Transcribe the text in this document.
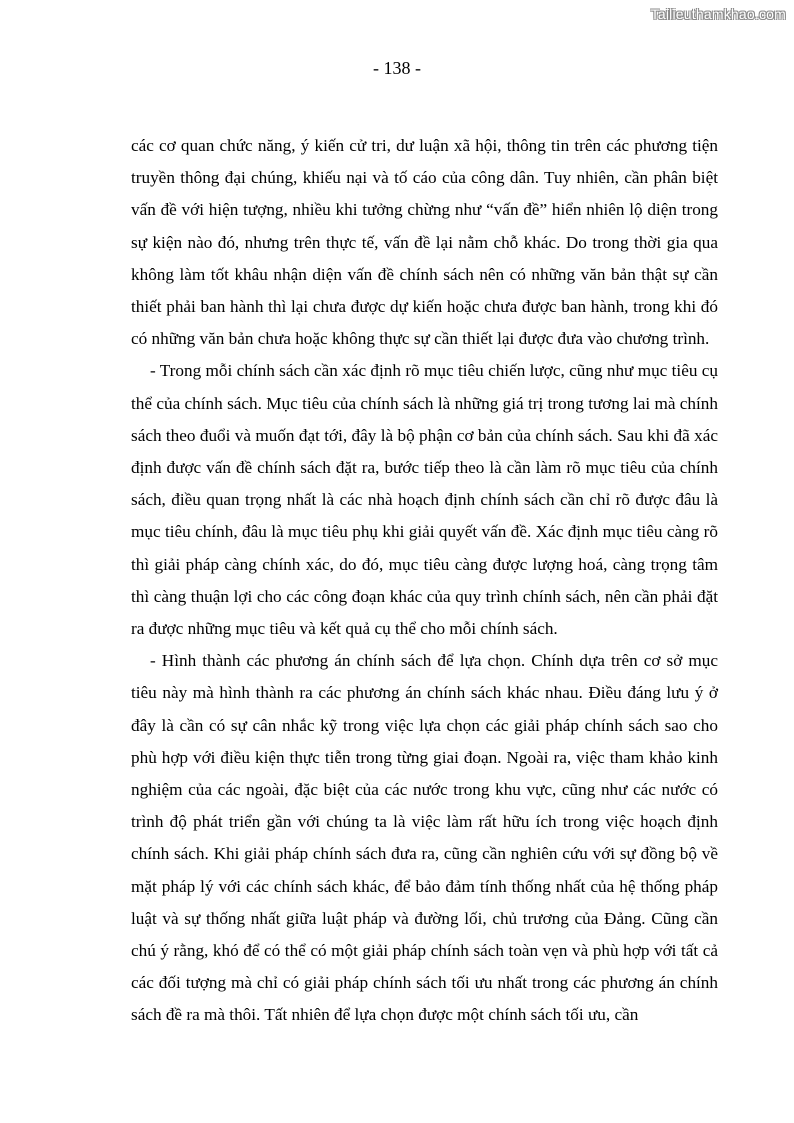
Tailieuthamkhao.com
- 138 -

các cơ quan chức năng, ý kiến cử tri, dư luận xã hội, thông tin trên các phương tiện truyền thông đại chúng, khiếu nại và tố cáo của công dân. Tuy nhiên, cần phân biệt vấn đề với hiện tượng, nhiều khi tưởng chừng như “vấn đề” hiển nhiên lộ diện trong sự kiện nào đó, nhưng trên thực tế, vấn đề lại nằm chỗ khác. Do trong thời gia qua không làm tốt khâu nhận diện vấn đề chính sách nên có những văn bản thật sự cần thiết phải ban hành thì lại chưa được dự kiến hoặc chưa được ban hành, trong khi đó có những văn bản chưa hoặc không thực sự cần thiết lại được đưa vào chương trình.

- Trong mỗi chính sách cần xác định rõ mục tiêu chiến lược, cũng như mục tiêu cụ thể của chính sách. Mục tiêu của chính sách là những giá trị trong tương lai mà chính sách theo đuổi và muốn đạt tới, đây là bộ phận cơ bản của chính sách. Sau khi đã xác định được vấn đề chính sách đặt ra, bước tiếp theo là cần làm rõ mục tiêu của chính sách, điều quan trọng nhất là các nhà hoạch định chính sách cần chỉ rõ được đâu là mục tiêu chính, đâu là mục tiêu phụ khi giải quyết vấn đề. Xác định mục tiêu càng rõ thì giải pháp càng chính xác, do đó, mục tiêu càng được lượng hoá, càng trọng tâm thì càng thuận lợi cho các công đoạn khác của quy trình chính sách, nên cần phải đặt ra được những mục tiêu và kết quả cụ thể cho mỗi chính sách.

- Hình thành các phương án chính sách để lựa chọn. Chính dựa trên cơ sở mục tiêu này mà hình thành ra các phương án chính sách khác nhau. Điều đáng lưu ý ở đây là cần có sự cân nhắc kỹ trong việc lựa chọn các giải pháp chính sách sao cho phù hợp với điều kiện thực tiễn trong từng giai đoạn. Ngoài ra, việc tham khảo kinh nghiệm của các ngoài, đặc biệt của các nước trong khu vực, cũng như các nước có trình độ phát triển gần với chúng ta là việc làm rất hữu ích trong việc hoạch định chính sách. Khi giải pháp chính sách đưa ra, cũng cần nghiên cứu với sự đồng bộ về mặt pháp lý với các chính sách khác, để bảo đảm tính thống nhất của hệ thống pháp luật và sự thống nhất giữa luật pháp và đường lối, chủ trương của Đảng. Cũng cần chú ý rằng, khó để có thể có một giải pháp chính sách toàn vẹn và phù hợp với tất cả các đối tượng mà chỉ có giải pháp chính sách tối ưu nhất trong các phương án chính sách đề ra mà thôi. Tất nhiên để lựa chọn được một chính sách tối ưu, cần
